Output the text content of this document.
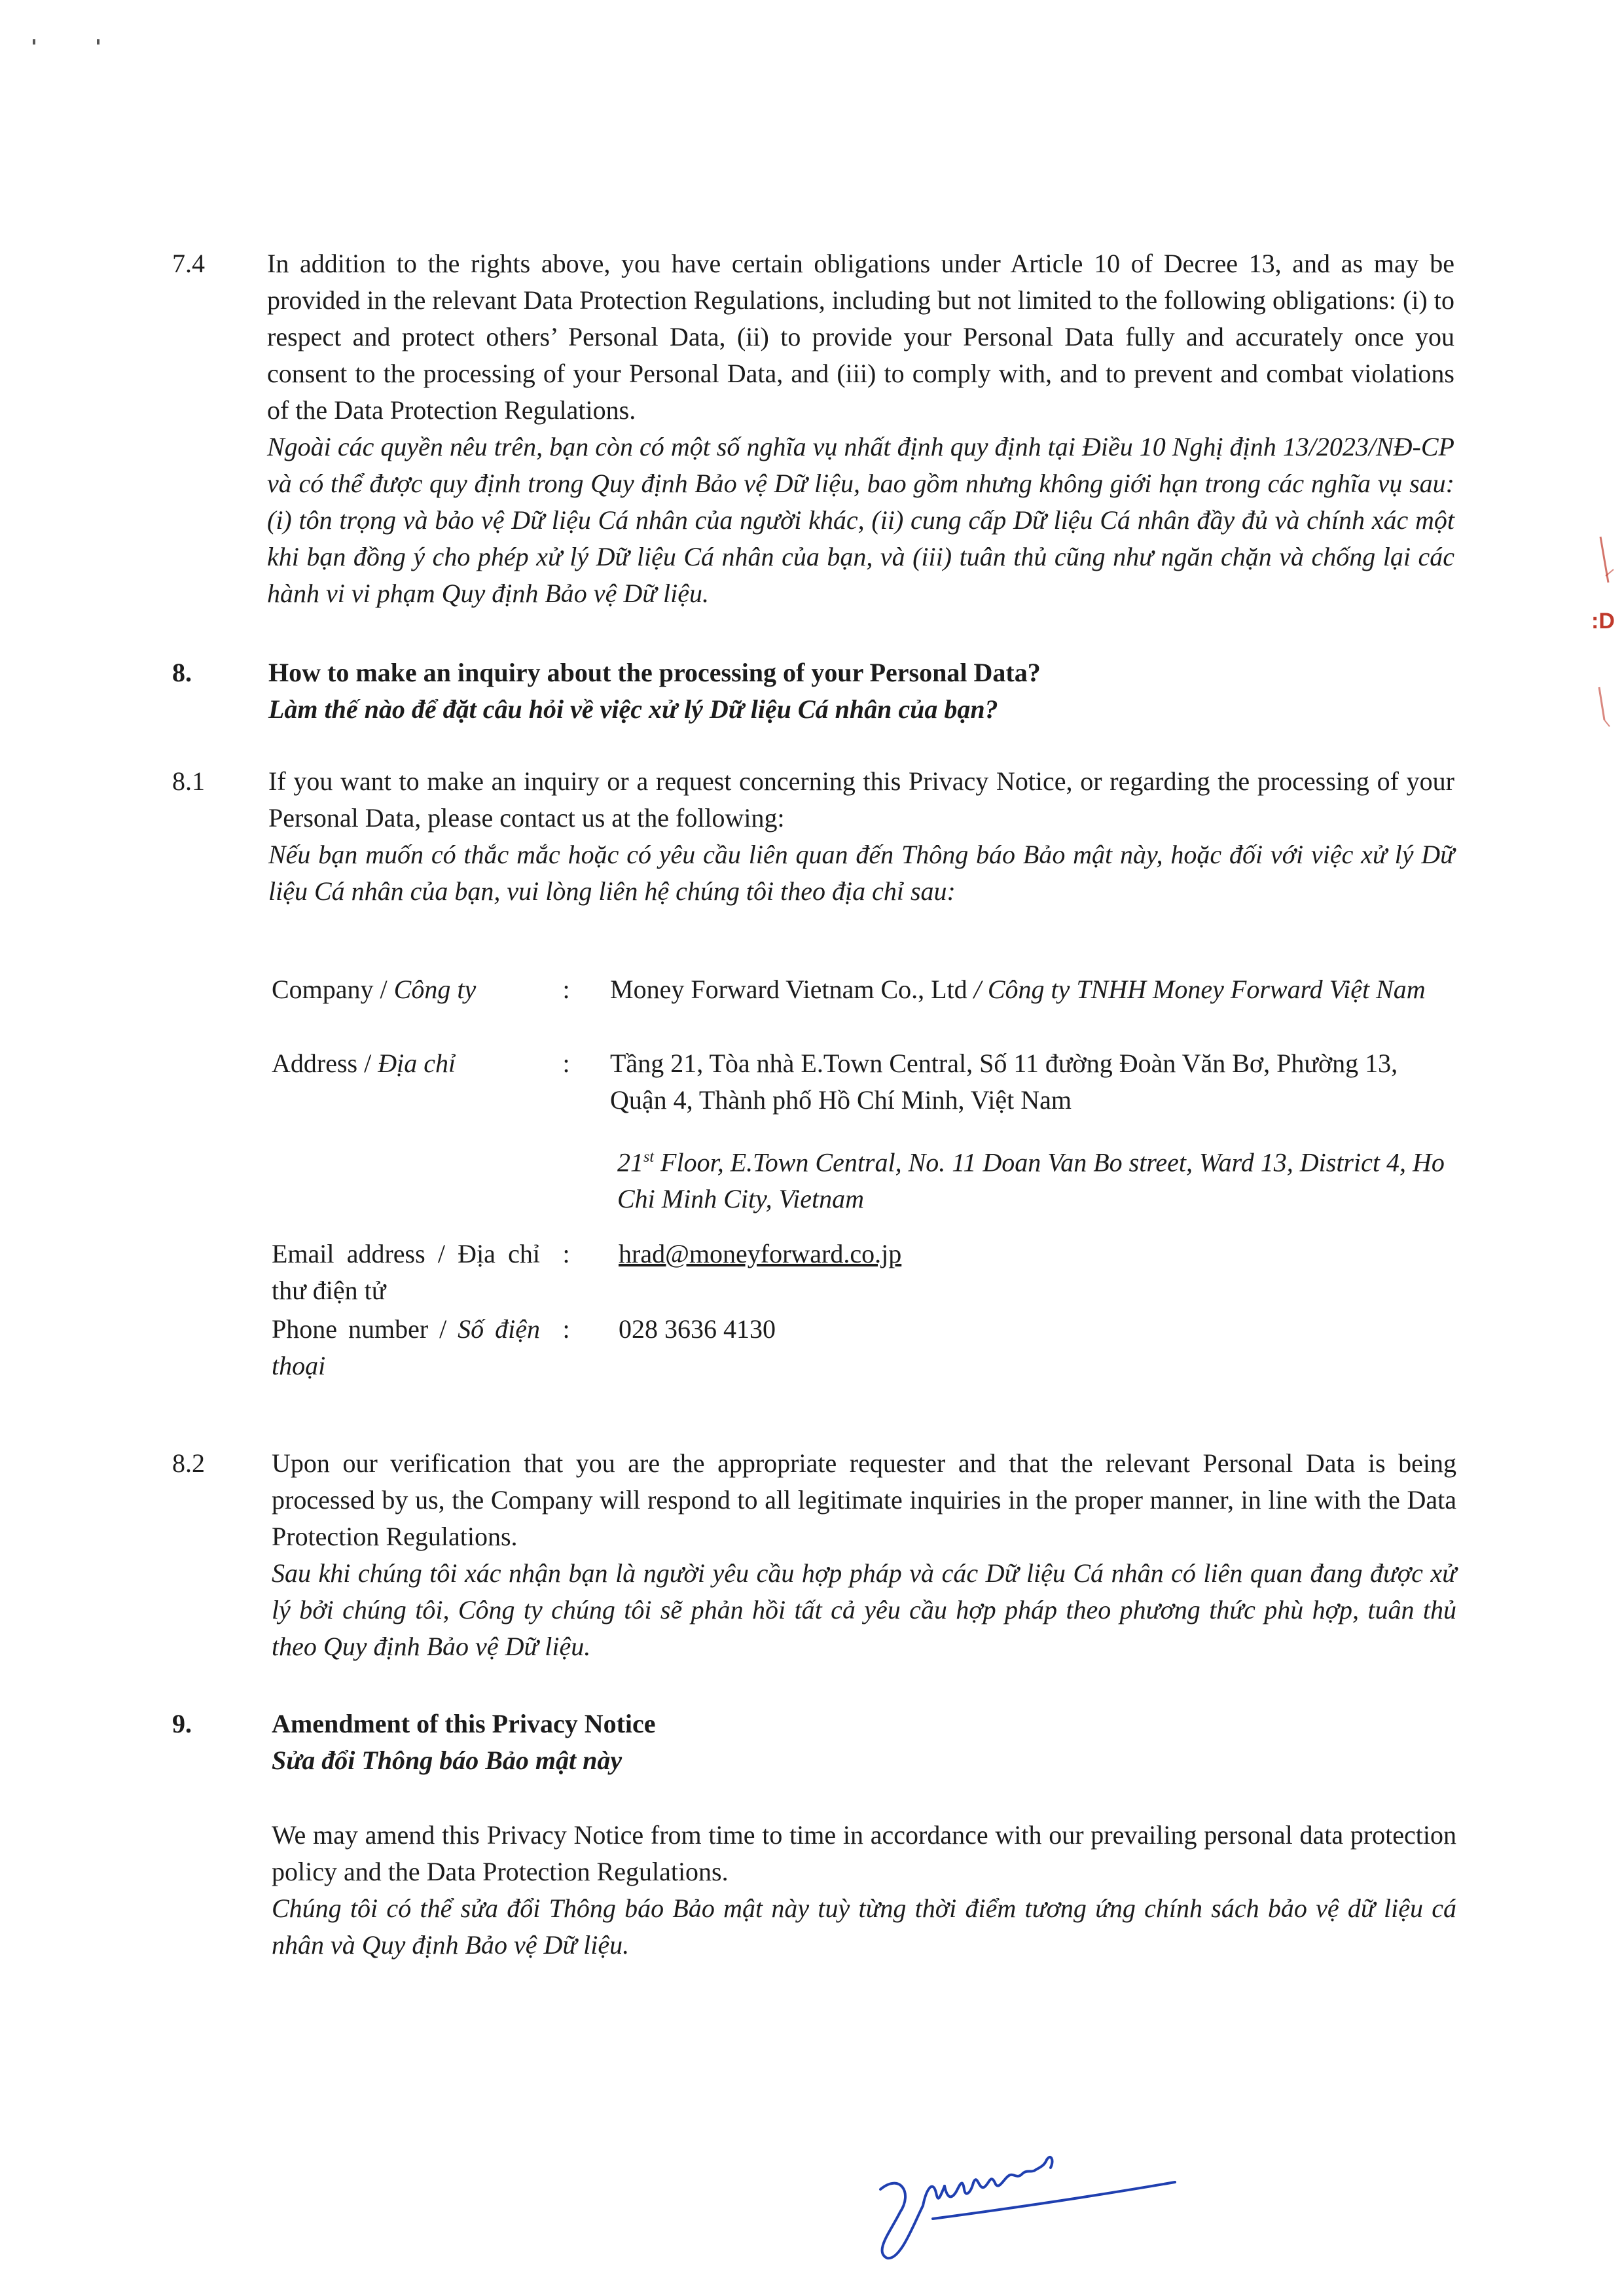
7.4 In addition to the rights above, you have certain obligations under Article 10 of Decree 13, and as may be provided in the relevant Data Protection Regulations, including but not limited to the following obligations: (i) to respect and protect others’ Personal Data, (ii) to provide your Personal Data fully and accurately once you consent to the processing of your Personal Data, and (iii) to comply with, and to prevent and combat violations of the Data Protection Regulations.

Ngoài các quyền nêu trên, bạn còn có một số nghĩa vụ nhất định quy định tại Điều 10 Nghị định 13/2023/NĐ-CP và có thể được quy định trong Quy định Bảo vệ Dữ liệu, bao gồm nhưng không giới hạn trong các nghĩa vụ sau: (i) tôn trọng và bảo vệ Dữ liệu Cá nhân của người khác, (ii) cung cấp Dữ liệu Cá nhân đầy đủ và chính xác một khi bạn đồng ý cho phép xử lý Dữ liệu Cá nhân của bạn, và (iii) tuân thủ cũng như ngăn chặn và chống lại các hành vi vi phạm Quy định Bảo vệ Dữ liệu.

8.	How to make an inquiry about the processing of your Personal Data?

Làm thế nào để đặt câu hỏi về việc xử lý Dữ liệu Cá nhân của bạn?

8.1 If you want to make an inquiry or a request concerning this Privacy Notice, or regarding the processing of your Personal Data, please contact us at the following:

Nếu bạn muốn có thắc mắc hoặc có yêu cầu liên quan đến Thông báo Bảo mật này, hoặc đối với việc xử lý Dữ liệu Cá nhân của bạn, vui lòng liên hệ chúng tôi theo địa chỉ sau:

Company / Công ty	: Money Forward Vietnam Co., Ltd / Công ty TNHH Money Forward Việt Nam
Address / Địa chỉ	: Tầng 21, Tòa nhà E.Town Central, Số 11 đường Đoàn Văn Bơ, Phường 13, Quận 4, Thành phố Hồ Chí Minh, Việt Nam
21st Floor, E.Town Central, No. 11 Doan Van Bo street, Ward 13, District 4, Ho Chi Minh City, Vietnam
Email address / Địa chỉ thư điện tử
: hrad@moneyforward.co.jp
Phone number / Số điện thoại
: 028 3636 4130
8.2	Upon our verification that you are the appropriate requester and that the relevant Personal Data is being processed by us, the Company will respond to all legitimate inquiries in the proper manner, in line with the Data Protection Regulations.

Sau khi chúng tôi xác nhận bạn là người yêu cầu hợp pháp và các Dữ liệu Cá nhân có liên quan đang được xử lý bởi chúng tôi, Công ty chúng tôi sẽ phản hồi tất cả yêu cầu hợp pháp theo phương thức phù hợp, tuân thủ theo Quy định Bảo vệ Dữ liệu.

9.	Amendment of this Privacy Notice

Sửa đổi Thông báo Bảo mật này

We may amend this Privacy Notice from time to time in accordance with our prevailing personal data protection policy and the Data Protection Regulations.

Chúng tôi có thể sửa đổi Thông báo Bảo mật này tuỳ từng thời điểm tương ứng chính sách bảo vệ dữ liệu cá nhân và Quy định Bảo vệ Dữ liệu.

:D
